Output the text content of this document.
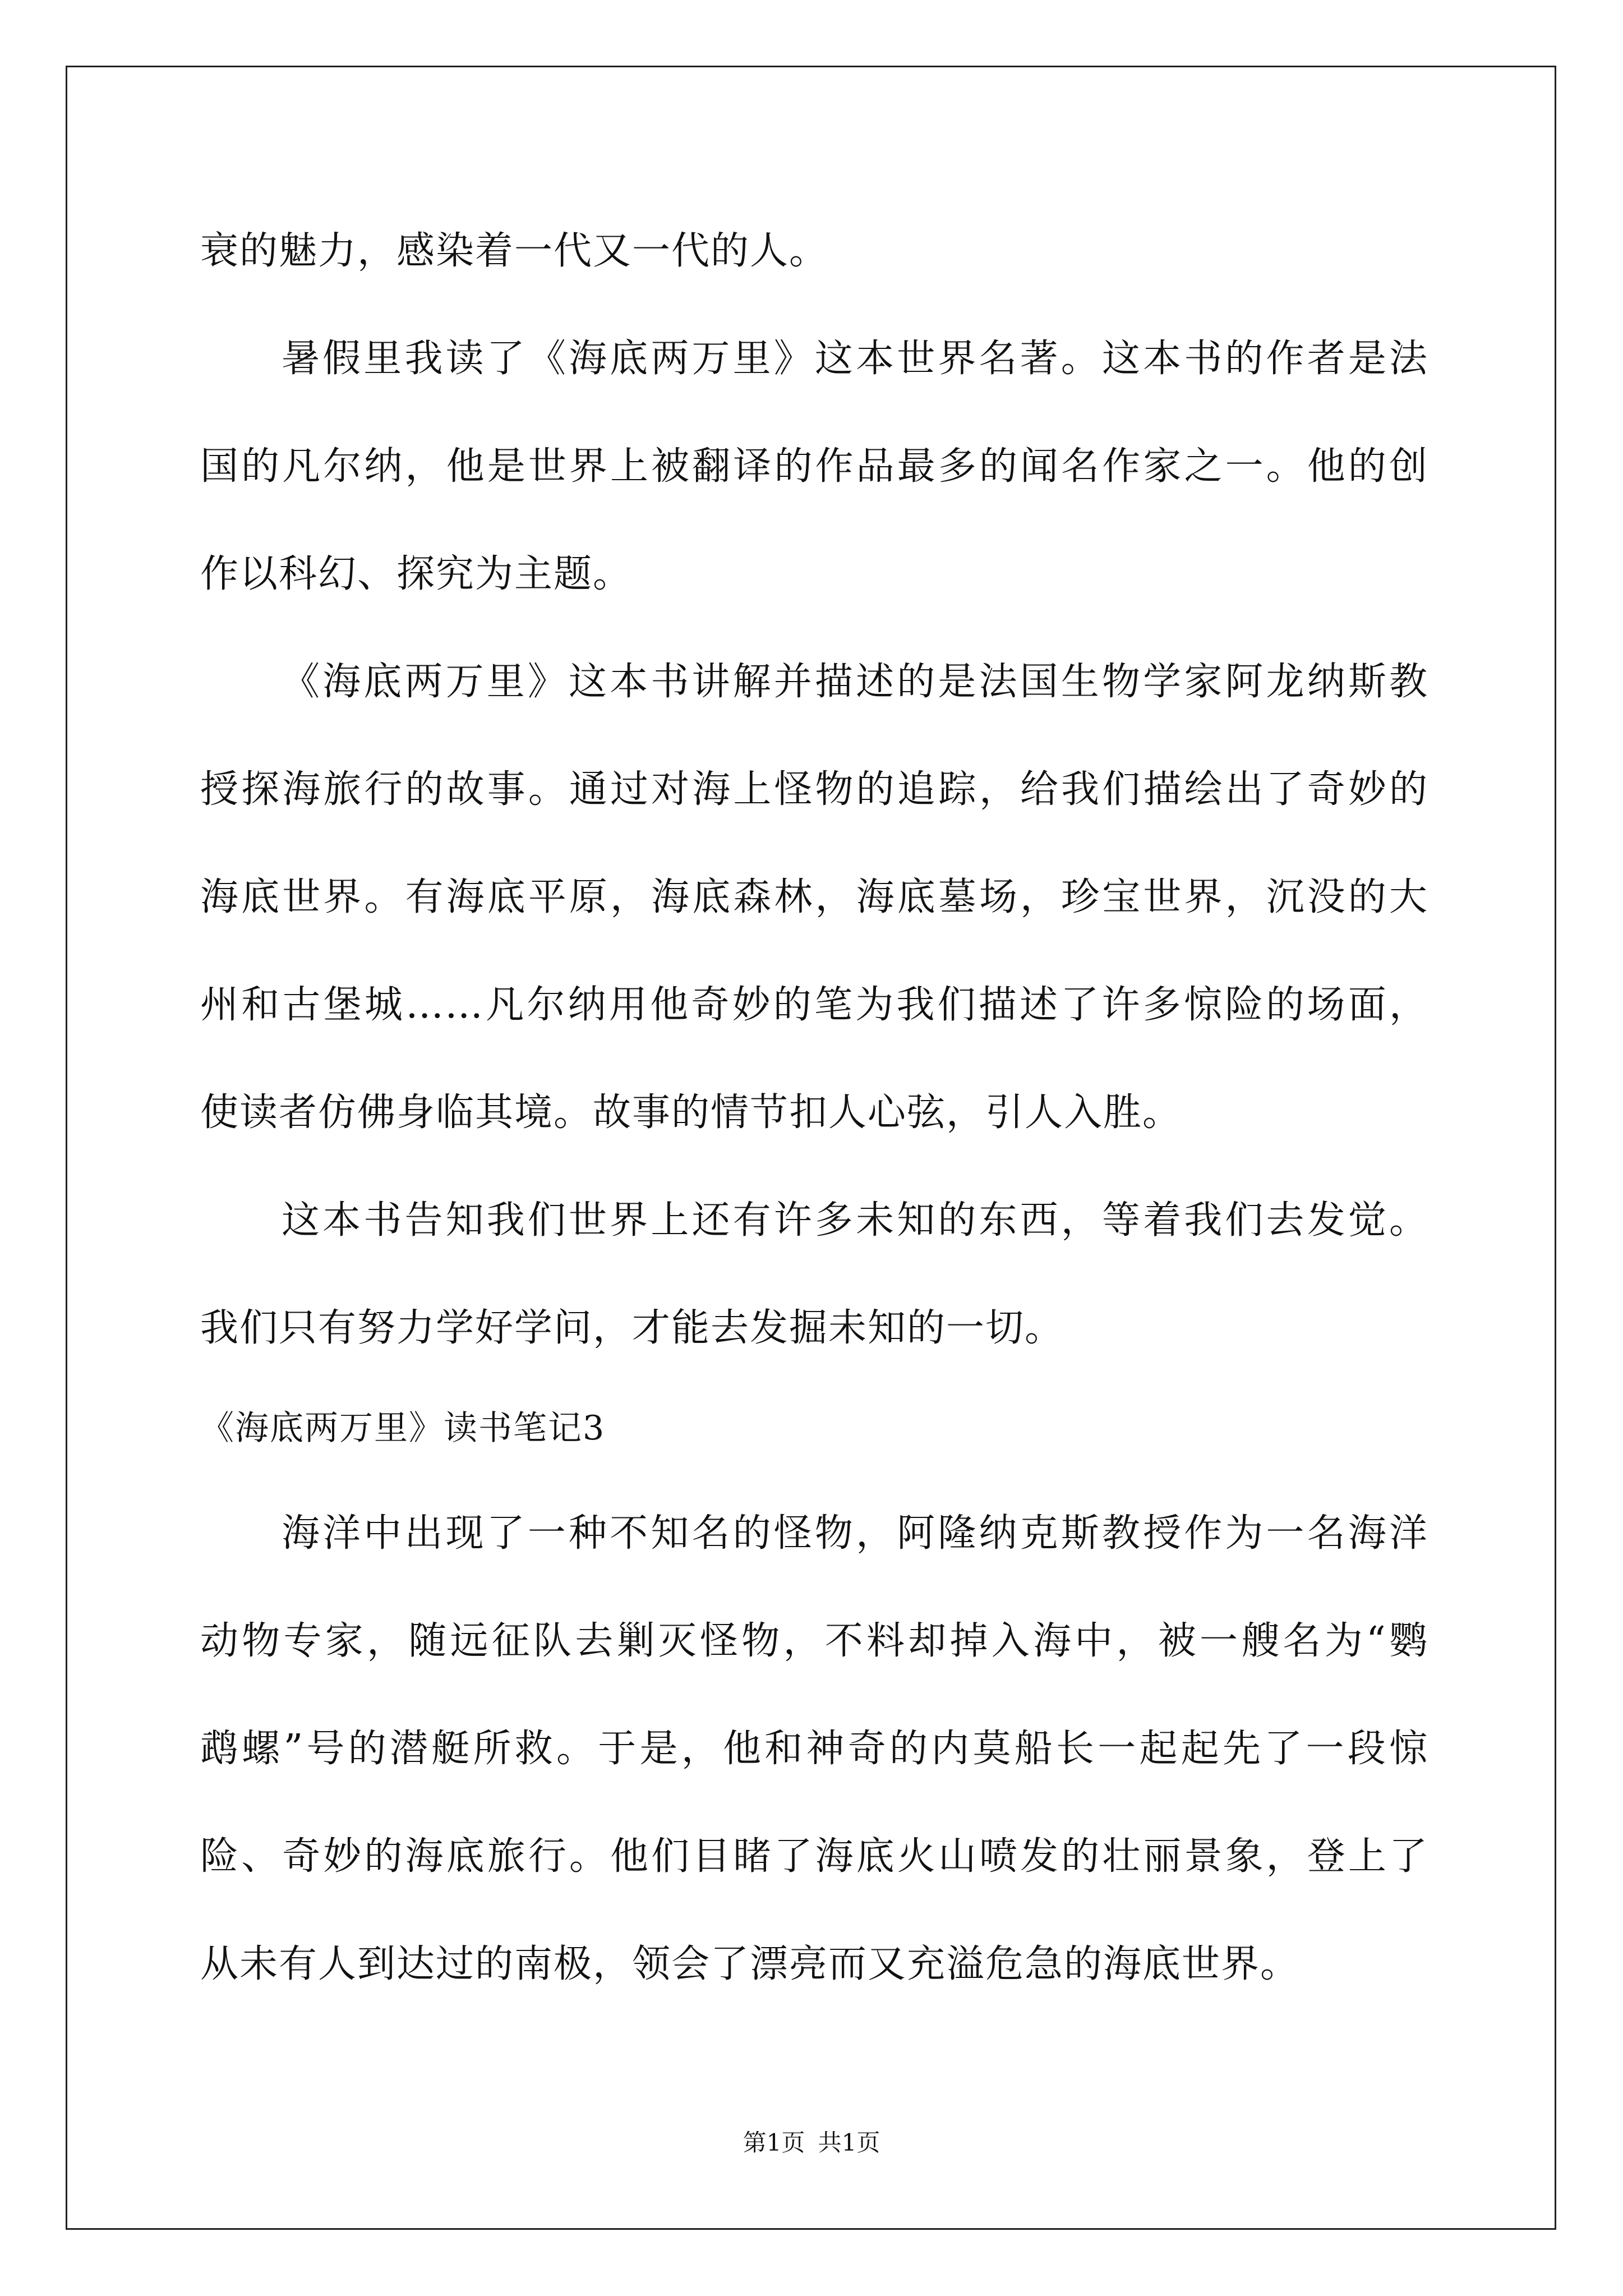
衰的魅力，感染着一代又一代的人。
暑假里我读了《海底两万里》这本世界名著。这本书的作者是法
国的凡尔纳，他是世界上被翻译的作品最多的闻名作家之一。他的创
作以科幻、探究为主题。
《海底两万里》这本书讲解并描述的是法国生物学家阿龙纳斯教
授探海旅行的故事。通过对海上怪物的追踪，给我们描绘出了奇妙的
海底世界。有海底平原，海底森林，海底墓场，珍宝世界，沉没的大
州和古堡城……凡尔纳用他奇妙的笔为我们描述了许多惊险的场面，
使读者仿佛身临其境。故事的情节扣人心弦，引人入胜。
这本书告知我们世界上还有许多未知的东西，等着我们去发觉。
我们只有努力学好学问，才能去发掘未知的一切。
《海底两万里》读书笔记3
海洋中出现了一种不知名的怪物，阿隆纳克斯教授作为一名海洋
动物专家，随远征队去剿灭怪物，不料却掉入海中，被一艘名为“鹦
鹉螺”号的潜艇所救。于是，他和神奇的内莫船长一起起先了一段惊
险、奇妙的海底旅行。他们目睹了海底火山喷发的壮丽景象，登上了
从未有人到达过的南极，领会了漂亮而又充溢危急的海底世界。
第1页 共1页
